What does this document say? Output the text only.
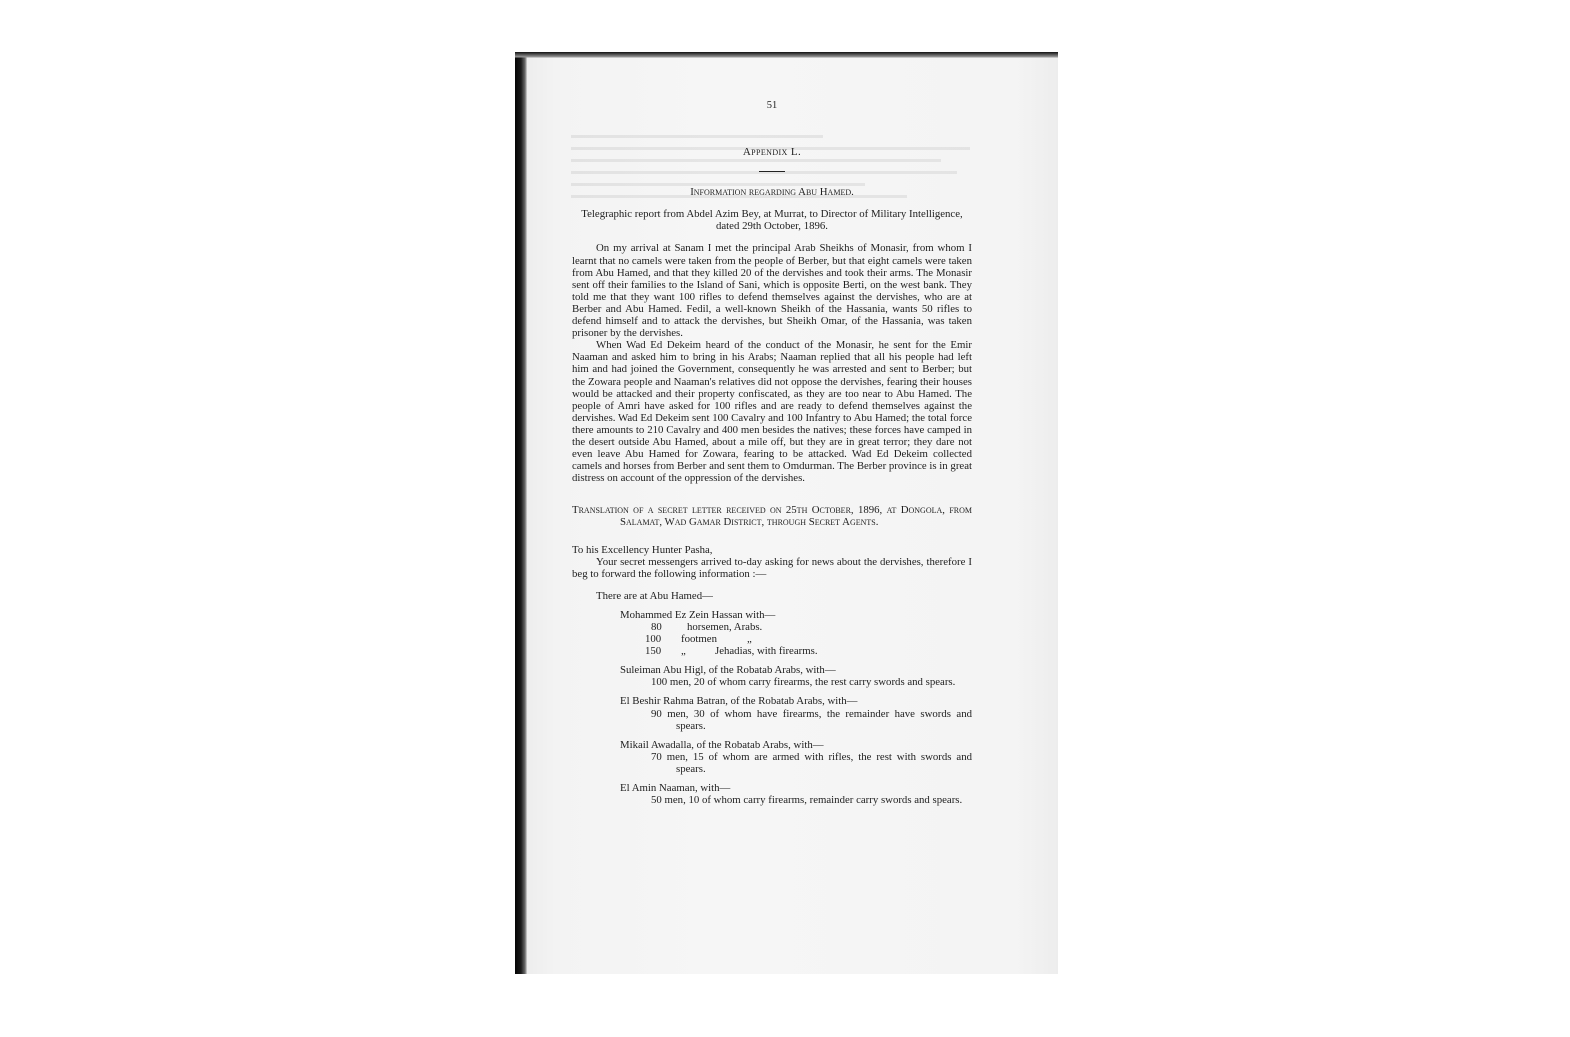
51
Appendix L.
Information regarding Abu Hamed.
Telegraphic report from Abdel Azim Bey, at Murrat, to Director of Military Intelligence, dated 29th October, 1896.

On my arrival at Sanam I met the principal Arab Sheikhs of Monasir, from whom I learnt that no camels were taken from the people of Berber, but that eight camels were taken from Abu Hamed, and that they killed 20 of the dervishes and took their arms. The Monasir sent off their families to the Island of Sani, which is opposite Berti, on the west bank. They told me that they want 100 rifles to defend themselves against the dervishes, who are at Berber and Abu Hamed. Fedil, a well-known Sheikh of the Hassania, wants 50 rifles to defend himself and to attack the dervishes, but Sheikh Omar, of the Hassania, was taken prisoner by the dervishes.

When Wad Ed Dekeim heard of the conduct of the Monasir, he sent for the Emir Naaman and asked him to bring in his Arabs; Naaman replied that all his people had left him and had joined the Government, consequently he was arrested and sent to Berber; but the Zowara people and Naaman's relatives did not oppose the dervishes, fearing their houses would be attacked and their property confiscated, as they are too near to Abu Hamed. The people of Amri have asked for 100 rifles and are ready to defend themselves against the dervishes. Wad Ed Dekeim sent 100 Cavalry and 100 Infantry to Abu Hamed; the total force there amounts to 210 Cavalry and 400 men besides the natives; these forces have camped in the desert outside Abu Hamed, about a mile off, but they are in great terror; they dare not even leave Abu Hamed for Zowara, fearing to be attacked. Wad Ed Dekeim collected camels and horses from Berber and sent them to Omdurman. The Berber province is in great distress on account of the oppression of the dervishes.

Translation of a secret letter received on 25th October, 1896, at Dongola, from Salamat, Wad Gamar District, through Secret Agents.
To his Excellency Hunter Pasha,

Your secret messengers arrived to-day asking for news about the dervishes, therefore I beg to forward the following information :—

There are at Abu Hamed—
Mohammed Ez Zein Hassan with—
80	horsemen, Arabs.
100	footmen	„
150	„	Jehadias, with firearms.
Suleiman Abu Higl, of the Robatab Arabs, with—
100 men, 20 of whom carry firearms, the rest carry swords and spears.
El Beshir Rahma Batran, of the Robatab Arabs, with—
90 men, 30 of whom have firearms, the remainder have swords and spears.
Mikail Awadalla, of the Robatab Arabs, with—
70 men, 15 of whom are armed with rifles, the rest with swords and spears.
El Amin Naaman, with—
50 men, 10 of whom carry firearms, remainder carry swords and spears.
